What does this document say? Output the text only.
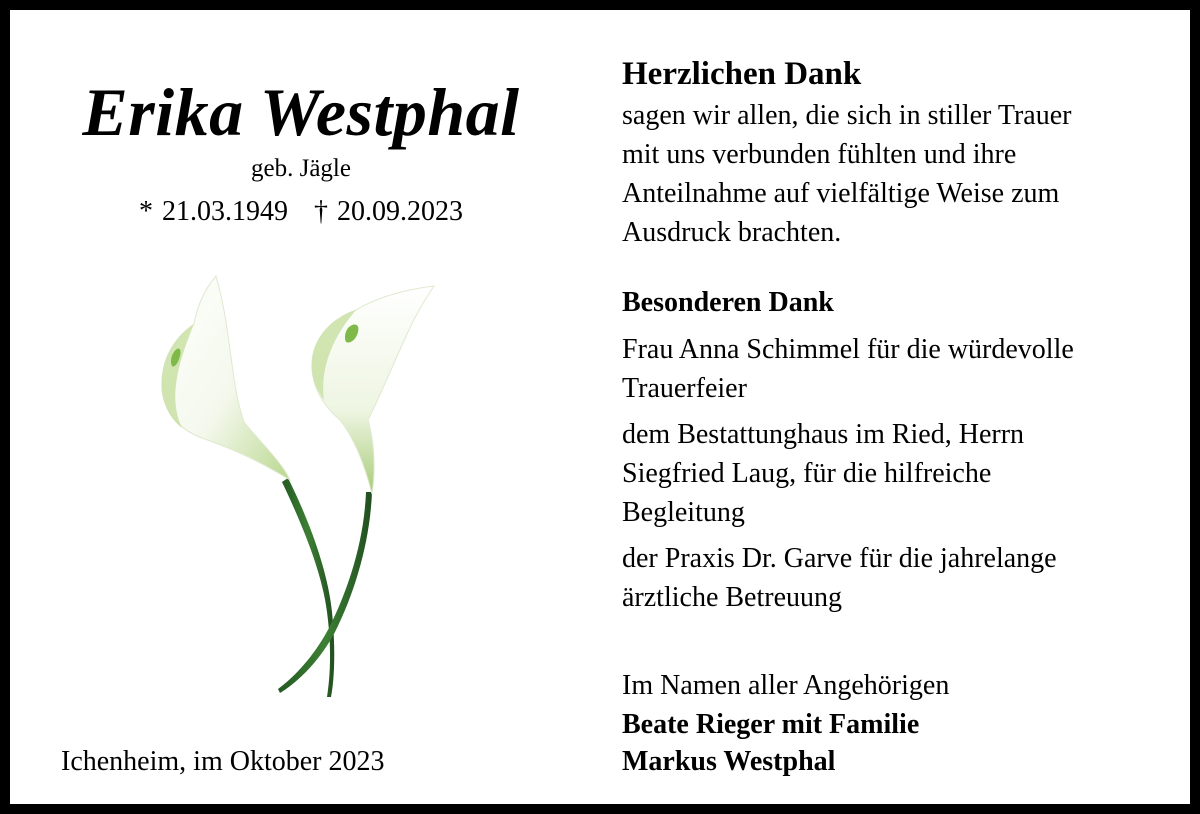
Erika Westphal
geb. Jägle
* 21.03.1949 † 20.09.2023
Ichenheim, im Oktober 2023
Herzlichen Dank

sagen wir allen, die sich in stiller Trauer

mit uns verbunden fühlten und ihre

Anteilnahme auf vielfältige Weise zum

Ausdruck brachten.

Besonderen Dank

Frau Anna Schimmel für die würdevolle

Trauerfeier

dem Bestattunghaus im Ried, Herrn

Siegfried Laug, für die hilfreiche

Begleitung

der Praxis Dr. Garve für die jahrelange

ärztliche Betreuung

Im Namen aller Angehörigen
Beate Rieger mit Familie
Markus Westphal
